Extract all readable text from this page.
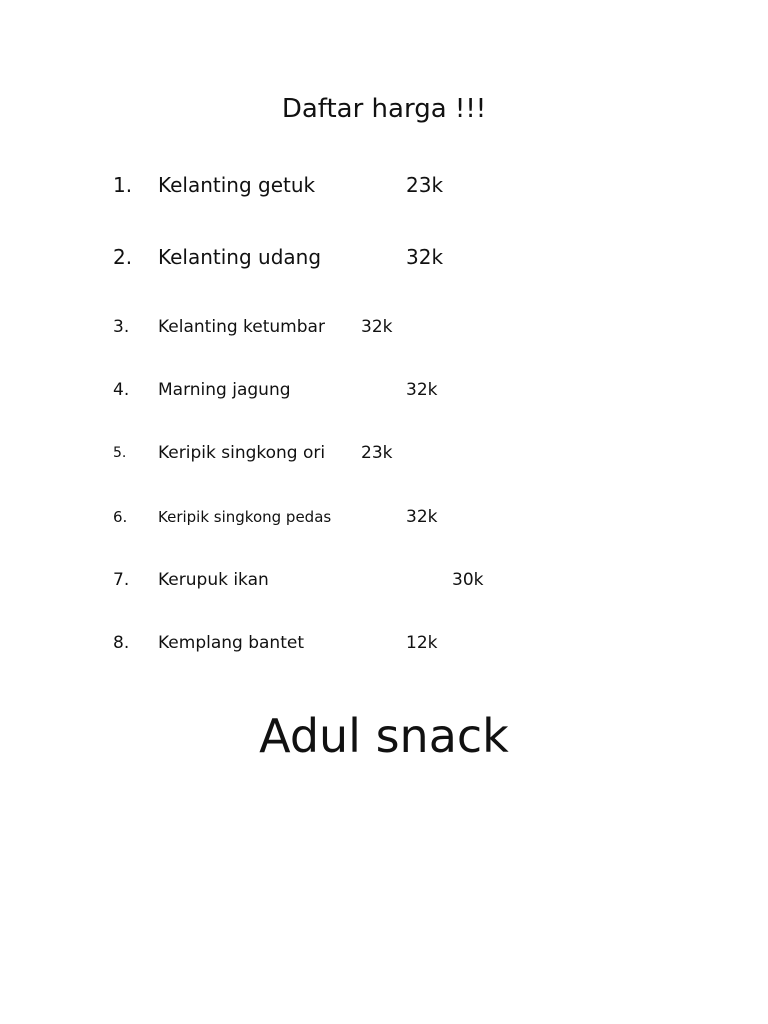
Daftar harga !!!
1. Kelanting getuk	23k
2. Kelanting udang	32k
3. Kelanting ketumbar 32k
4. Marning jagung	32k
5. Keripik singkong ori 23k
6. Keripik singkong pedas	32k
7. Kerupuk ikan	30k
8. Kemplang bantet	12k
Adul snack
